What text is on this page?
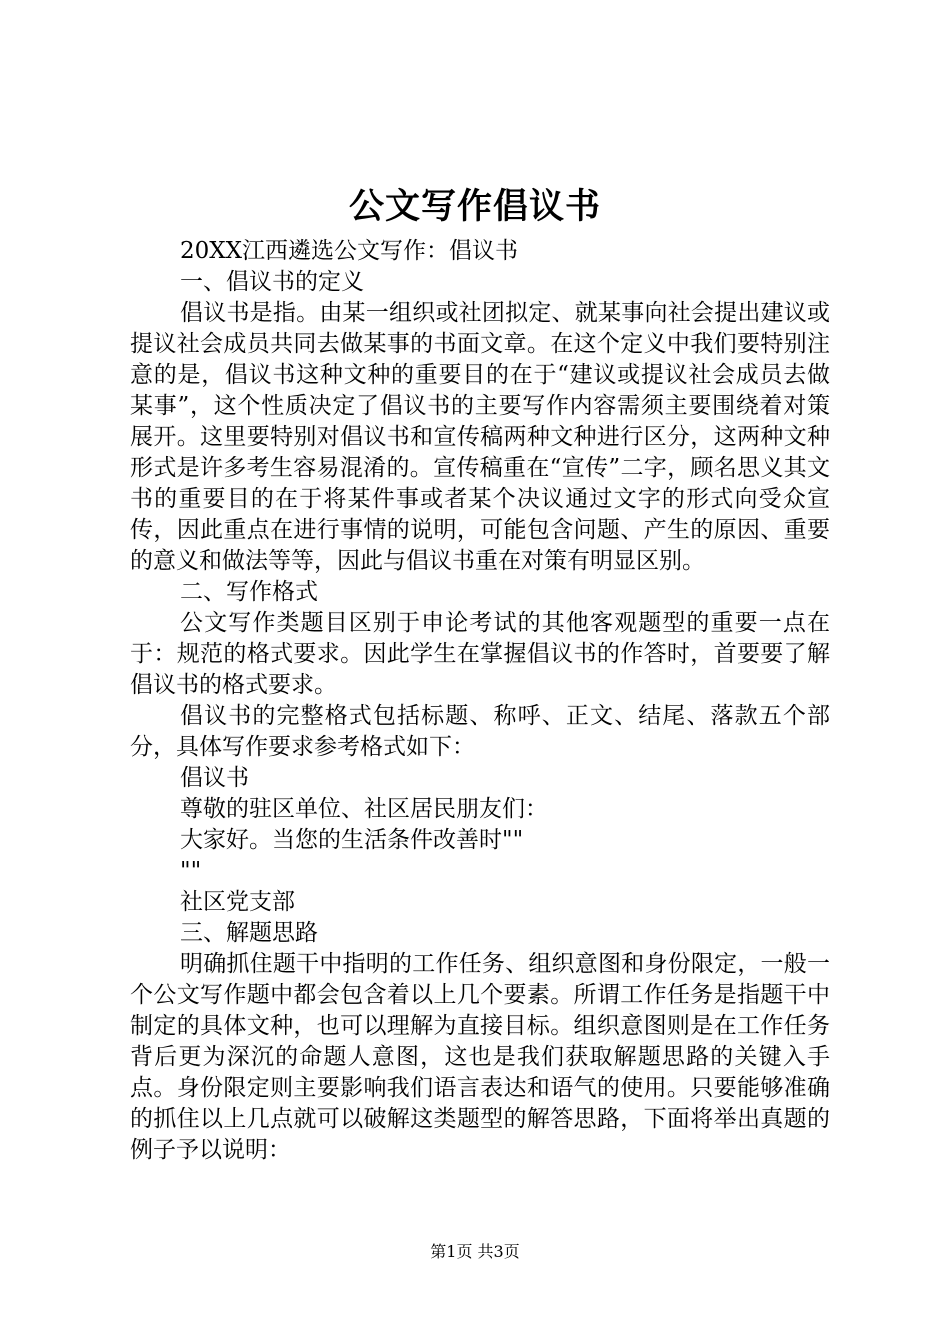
公文写作倡议书

20XX江西遴选公文写作：倡议书

一、倡议书的定义

倡议书是指。由某一组织或社团拟定、就某事向社会提出建议或提议社会成员共同去做某事的书面文章。在这个定义中我们要特别注意的是，倡议书这种文种的重要目的在于“建议或提议社会成员去做某事”，这个性质决定了倡议书的主要写作内容需须主要围绕着对策展开。这里要特别对倡议书和宣传稿两种文种进行区分，这两种文种形式是许多考生容易混淆的。宣传稿重在“宣传”二字，顾名思义其文书的重要目的在于将某件事或者某个决议通过文字的形式向受众宣传，因此重点在进行事情的说明，可能包含问题、产生的原因、重要的意义和做法等等，因此与倡议书重在对策有明显区别。

二、写作格式

公文写作类题目区别于申论考试的其他客观题型的重要一点在于：规范的格式要求。因此学生在掌握倡议书的作答时，首要要了解倡议书的格式要求。

倡议书的完整格式包括标题、称呼、正文、结尾、落款五个部分，具体写作要求参考格式如下：

倡议书

尊敬的驻区单位、社区居民朋友们：

大家好。当您的生活条件改善时""

""

社区党支部

三、解题思路

明确抓住题干中指明的工作任务、组织意图和身份限定，一般一个公文写作题中都会包含着以上几个要素。所谓工作任务是指题干中制定的具体文种，也可以理解为直接目标。组织意图则是在工作任务背后更为深沉的命题人意图，这也是我们获取解题思路的关键入手点。身份限定则主要影响我们语言表达和语气的使用。只要能够准确的抓住以上几点就可以破解这类题型的解答思路，下面将举出真题的例子予以说明：

第1页 共3页
